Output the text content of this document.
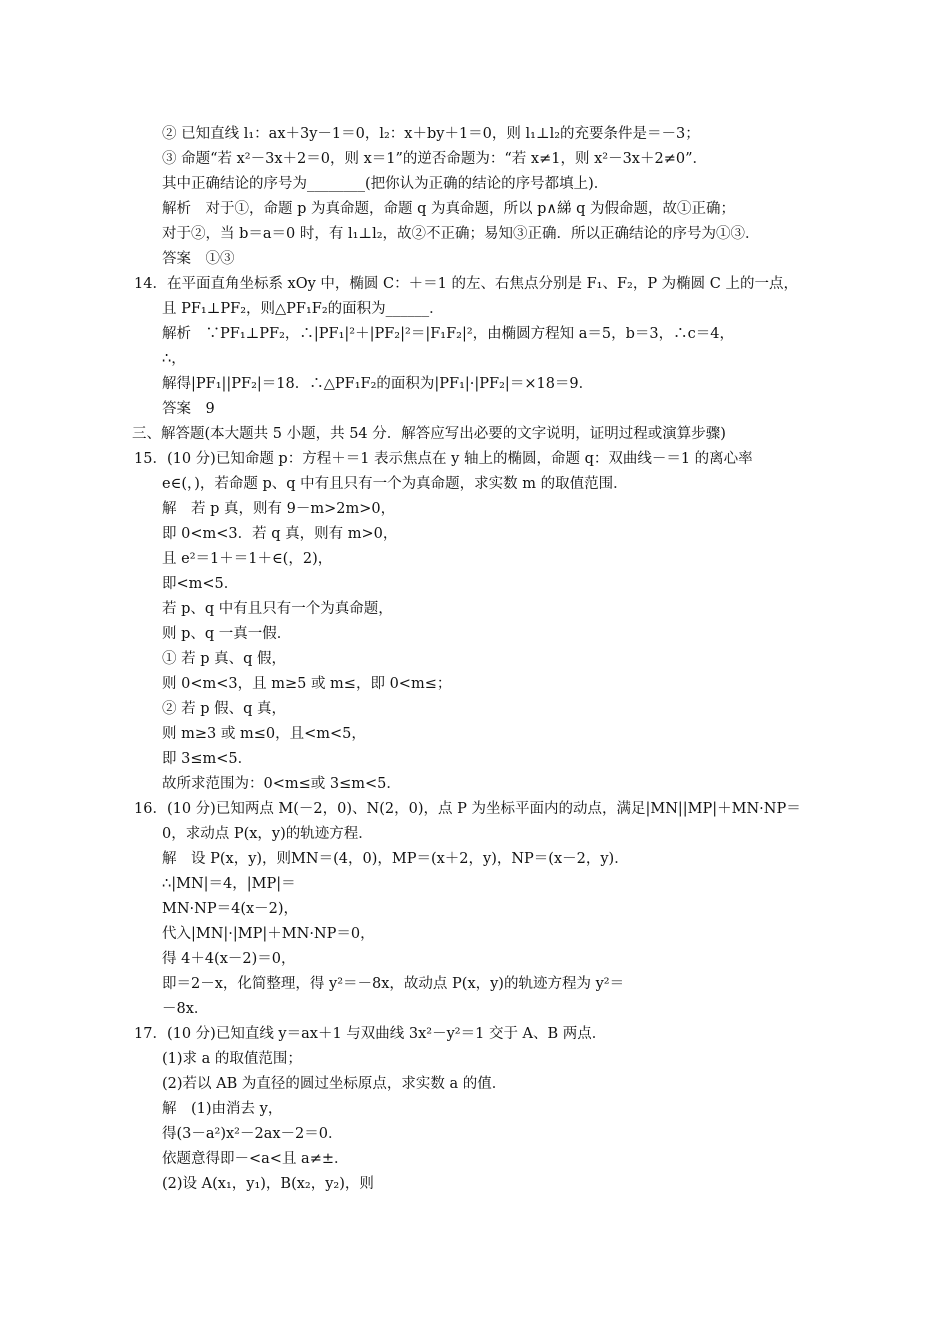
② 已知直线 l₁：ax＋3y－1＝0，l₂：x＋by＋1＝0，则 l₁⊥l₂的充要条件是＝－3；
③ 命题“若 x²－3x＋2＝0，则 x＝1”的逆否命题为：“若 x≠1，则 x²－3x＋2≠0”．
其中正确结论的序号为________(把你认为正确的结论的序号都填上)．
解析　对于①，命题 p 为真命题，命题 q 为真命题，所以 p∧綈 q 为假命题，故①正确；
对于②，当 b＝a＝0 时，有 l₁⊥l₂，故②不正确；易知③正确．所以正确结论的序号为①③．
答案　①③
14．在平面直角坐标系 xOy 中，椭圆 C：＋＝1 的左、右焦点分别是 F₁、F₂，P 为椭圆 C 上的一点，
且 PF₁⊥PF₂，则△PF₁F₂的面积为______．
解析　∵PF₁⊥PF₂，∴|PF₁|²＋|PF₂|²＝|F₁F₂|²，由椭圆方程知 a＝5，b＝3，∴c＝4，
∴，
解得|PF₁||PF₂|＝18．∴△PF₁F₂的面积为|PF₁|·|PF₂|＝×18＝9．
答案　9
三、解答题(本大题共 5 小题，共 54 分．解答应写出必要的文字说明，证明过程或演算步骤)
15．(10 分)已知命题 p：方程＋＝1 表示焦点在 y 轴上的椭圆，命题 q：双曲线－＝1 的离心率
e∈(，)，若命题 p、q 中有且只有一个为真命题，求实数 m 的取值范围．
解　若 p 真，则有 9－m>2m>0，
即 0<m<3．若 q 真，则有 m>0，
且 e²＝1＋＝1＋∈(，2)，
即<m<5．
若 p、q 中有且只有一个为真命题，
则 p、q 一真一假．
① 若 p 真、q 假，
则 0<m<3，且 m≥5 或 m≤，即 0<m≤；
② 若 p 假、q 真，
则 m≥3 或 m≤0，且<m<5，
即 3≤m<5．
故所求范围为：0<m≤或 3≤m<5．
16．(10 分)已知两点 M(－2，0)、N(2，0)，点 P 为坐标平面内的动点，满足|MN||MP|＋MN·NP＝
0，求动点 P(x，y)的轨迹方程．
解　设 P(x，y)，则MN＝(4，0)，MP＝(x＋2，y)，NP＝(x－2，y)．
∴|MN|＝4，|MP|＝
MN·NP＝4(x－2)，
代入|MN|·|MP|＋MN·NP＝0，
得 4＋4(x－2)＝0，
即＝2－x，化简整理，得 y²＝－8x，故动点 P(x，y)的轨迹方程为 y²＝
－8x．
17．(10 分)已知直线 y＝ax＋1 与双曲线 3x²－y²＝1 交于 A、B 两点．
(1)求 a 的取值范围；
(2)若以 AB 为直径的圆过坐标原点，求实数 a 的值．
解　(1)由消去 y，
得(3－a²)x²－2ax－2＝0．
依题意得即－<a<且 a≠±．
(2)设 A(x₁，y₁)，B(x₂，y₂)，则
